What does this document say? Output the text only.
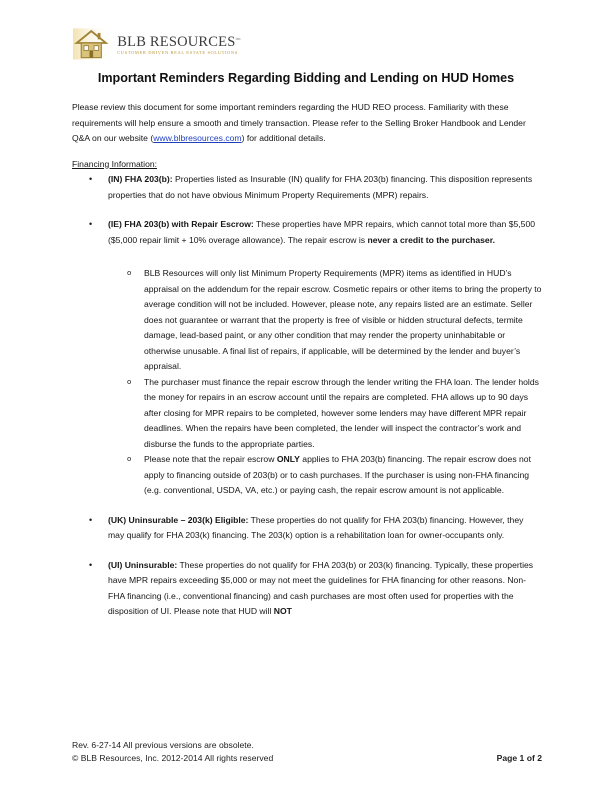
BLB $RESOURCES^{inc}$
CUSTOMER DRIVEN REAL ESTATE SOLUTIONS
Important Reminders Regarding Bidding and Lending on HUD Homes

Please review this document for some important reminders regarding the HUD REO process. Familiarity with these requirements will help ensure a smooth and timely transaction. Please refer to the Selling Broker Handbook and Lender Q&A on our website (www.blbresources.com) for additional details.

Financing Information:

• (IN) FHA 203(b): Properties listed as Insurable (IN) qualify for FHA 203(b) financing. This disposition represents properties that do not have obvious Minimum Property Requirements (MPR) repairs.
• (IE) FHA 203(b) with Repair Escrow: These properties have MPR repairs, which cannot total more than $5,500 ($5,000 repair limit + 10% overage allowance). The repair escrow is never a credit to the purchaser.
o BLB Resources will only list Minimum Property Requirements (MPR) items as identified in HUD’s appraisal on the addendum for the repair escrow. Cosmetic repairs or other items to bring the property to average condition will not be included. However, please note, any repairs listed are an estimate. Seller does not guarantee or warrant that the property is free of visible or hidden structural defects, termite damage, lead-based paint, or any other condition that may render the property uninhabitable or otherwise unusable. A final list of repairs, if applicable, will be determined by the lender and buyer’s appraisal.
o The purchaser must finance the repair escrow through the lender writing the FHA loan. The lender holds the money for repairs in an escrow account until the repairs are completed. FHA allows up to 90 days after closing for MPR repairs to be completed, however some lenders may have different MPR repair deadlines. When the repairs have been completed, the lender will inspect the contractor’s work and disburse the funds to the appropriate parties.
o Please note that the repair escrow ONLY applies to FHA 203(b) financing. The repair escrow does not apply to financing outside of 203(b) or to cash purchases. If the purchaser is using non-FHA financing (e.g. conventional, USDA, VA, etc.) or paying cash, the repair escrow amount is not applicable.
• (UK) Uninsurable – 203(k) Eligible: These properties do not qualify for FHA 203(b) financing. However, they may qualify for FHA 203(k) financing. The 203(k) option is a rehabilitation loan for owner-occupants only.
• (UI) Uninsurable: These properties do not qualify for FHA 203(b) or 203(k) financing. Typically, these properties have MPR repairs exceeding $5,000 or may not meet the guidelines for FHA financing for other reasons. Non-FHA financing (i.e., conventional financing) and cash purchases are most often used for properties with the disposition of UI. Please note that HUD will NOT
Rev. 6-27-14 All previous versions are obsolete.
© BLB Resources, Inc. 2012-2014 All rights reserved	Page 1 of 2
